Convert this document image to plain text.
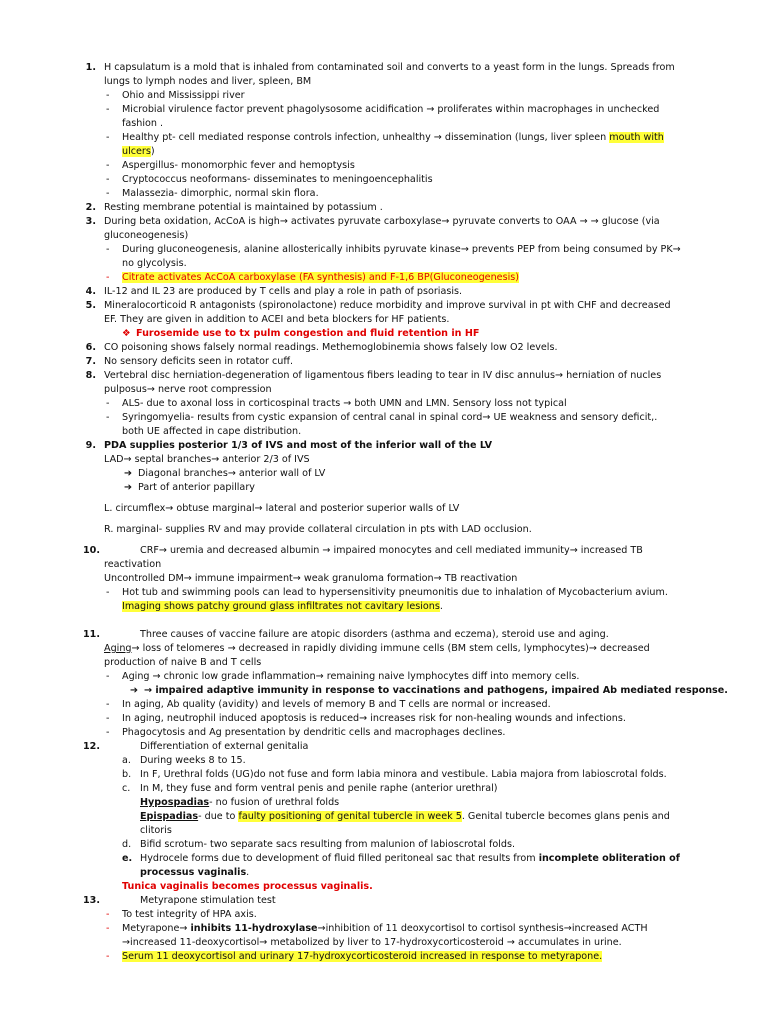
1. H capsulatum is a mold that is inhaled from contaminated soil and converts to a yeast form in the lungs. Spreads from
lungs to lymph nodes and liver, spleen, BM
- Ohio and Mississippi river
- Microbial virulence factor prevent phagolysosome acidification → proliferates within macrophages in unchecked
fashion .
- Healthy pt- cell mediated response controls infection, unhealthy → dissemination (lungs, liver spleen mouth with
ulcers)
- Aspergillus- monomorphic fever and hemoptysis
- Cryptococcus neoformans- disseminates to meningoencephalitis
- Malassezia- dimorphic, normal skin flora.
2. Resting membrane potential is maintained by potassium .
3. During beta oxidation, AcCoA is high→ activates pyruvate carboxylase→ pyruvate converts to OAA → → glucose (via
gluconeogenesis)
- During gluconeogenesis, alanine allosterically inhibits pyruvate kinase→ prevents PEP from being consumed by PK→
no glycolysis.
- Citrate activates AcCoA carboxylase (FA synthesis) and F-1,6 BP(Gluconeogenesis)
4. IL-12 and IL 23 are produced by T cells and play a role in path of psoriasis.
5. Mineralocorticoid R antagonists (spironolactone) reduce morbidity and improve survival in pt with CHF and decreased
EF. They are given in addition to ACEI and beta blockers for HF patients.
❖ Furosemide use to tx pulm congestion and fluid retention in HF
6. CO poisoning shows falsely normal readings. Methemoglobinemia shows falsely low O2 levels.
7. No sensory deficits seen in rotator cuff.
8. Vertebral disc herniation-degeneration of ligamentous fibers leading to tear in IV disc annulus→ herniation of nucles
pulposus→ nerve root compression
- ALS- due to axonal loss in corticospinal tracts → both UMN and LMN. Sensory loss not typical
- Syringomyelia- results from cystic expansion of central canal in spinal cord→ UE weakness and sensory deficit,.
both UE affected in cape distribution.
9. PDA supplies posterior 1/3 of IVS and most of the inferior wall of the LV
LAD→ septal branches→ anterior 2/3 of IVS
➔ Diagonal branches→ anterior wall of LV
➔ Part of anterior papillary
L. circumflex→ obtuse marginal→ lateral and posterior superior walls of LV
R. marginal- supplies RV and may provide collateral circulation in pts with LAD occlusion.
10.	CRF→ uremia and decreased albumin → impaired monocytes and cell mediated immunity→ increased TB
reactivation
Uncontrolled DM→ immune impairment→ weak granuloma formation→ TB reactivation
- Hot tub and swimming pools can lead to hypersensitivity pneumonitis due to inhalation of Mycobacterium avium.
Imaging shows patchy ground glass infiltrates not cavitary lesions.
11.	Three causes of vaccine failure are atopic disorders (asthma and eczema), steroid use and aging.
Aging→ loss of telomeres → decreased in rapidly dividing immune cells (BM stem cells, lymphocytes)→ decreased
production of naive B and T cells
- Aging → chronic low grade inflammation→ remaining naive lymphocytes diff into memory cells.
➔ → impaired adaptive immunity in response to vaccinations and pathogens, impaired Ab mediated response.
- In aging, Ab quality (avidity) and levels of memory B and T cells are normal or increased.
- In aging, neutrophil induced apoptosis is reduced→ increases risk for non-healing wounds and infections.
- Phagocytosis and Ag presentation by dendritic cells and macrophages declines.
12.	Differentiation of external genitalia
a. During weeks 8 to 15.
b. In F, Urethral folds (UG)do not fuse and form labia minora and vestibule. Labia majora from labioscrotal folds.
c. In M, they fuse and form ventral penis and penile raphe (anterior urethral)
Hypospadias- no fusion of urethral folds
Epispadias- due to faulty positioning of genital tubercle in week 5. Genital tubercle becomes glans penis and
clitoris
d. Bifid scrotum- two separate sacs resulting from malunion of labioscrotal folds.
e. Hydrocele forms due to development of fluid filled peritoneal sac that results from incomplete obliteration of
processus vaginalis.
Tunica vaginalis becomes processus vaginalis.
13.	Metyrapone stimulation test
- To test integrity of HPA axis.
- Metyrapone→ inhibits 11-hydroxylase→inhibition of 11 deoxycortisol to cortisol synthesis→increased ACTH
→increased 11-deoxycortisol→ metabolized by liver to 17-hydroxycorticosteroid → accumulates in urine.
- Serum 11 deoxycortisol and urinary 17-hydroxycorticosteroid increased in response to metyrapone.
